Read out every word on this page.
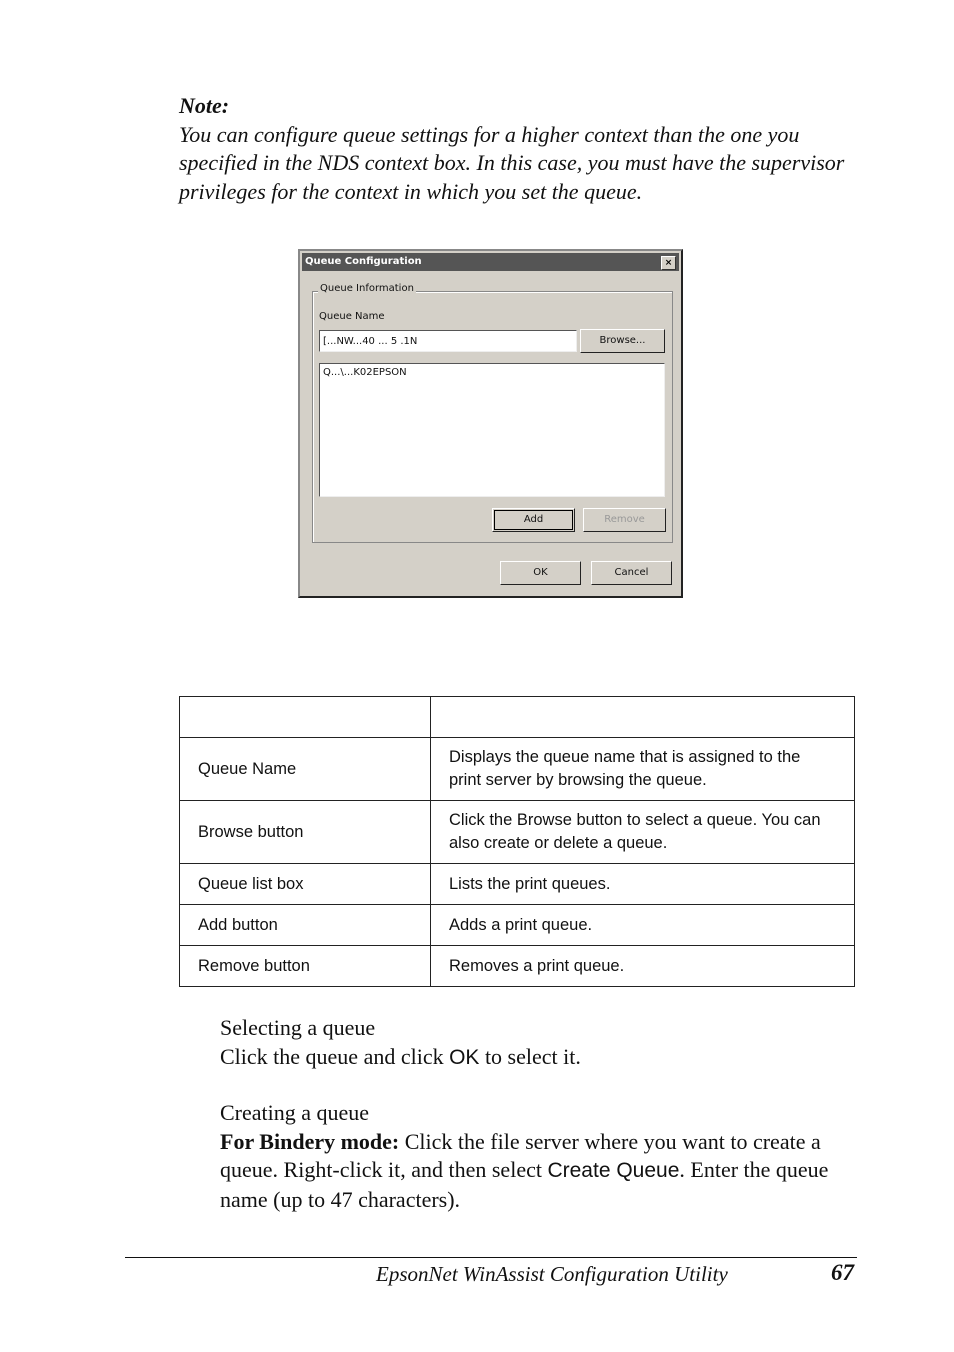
Note:
You can configure queue settings for a higher context than the one you specified in the NDS context box. In this case, you must have the supervisor privileges for the context in which you set the queue.
Queue Configuration	×
Queue Information
Queue Name
[...NW...40 ... 5 .1N	Browse...
Q...\...K02EPSON
Add	Remove
OK	Cancel

Queue Name	Displays the queue name that is assigned to the print server by browsing the queue.
Browse button	Click the Browse button to select a queue. You can also create or delete a queue.
Queue list box	Lists the print queues.
Add button	Adds a print queue.
Remove button	Removes a print queue.
Selecting a queue
Click the queue and click OK to select it.
Creating a queue
For Bindery mode: Click the file server where you want to create a queue. Right-click it, and then select Create Queue. Enter the queue name (up to 47 characters).
EpsonNet WinAssist Configuration Utility	67
